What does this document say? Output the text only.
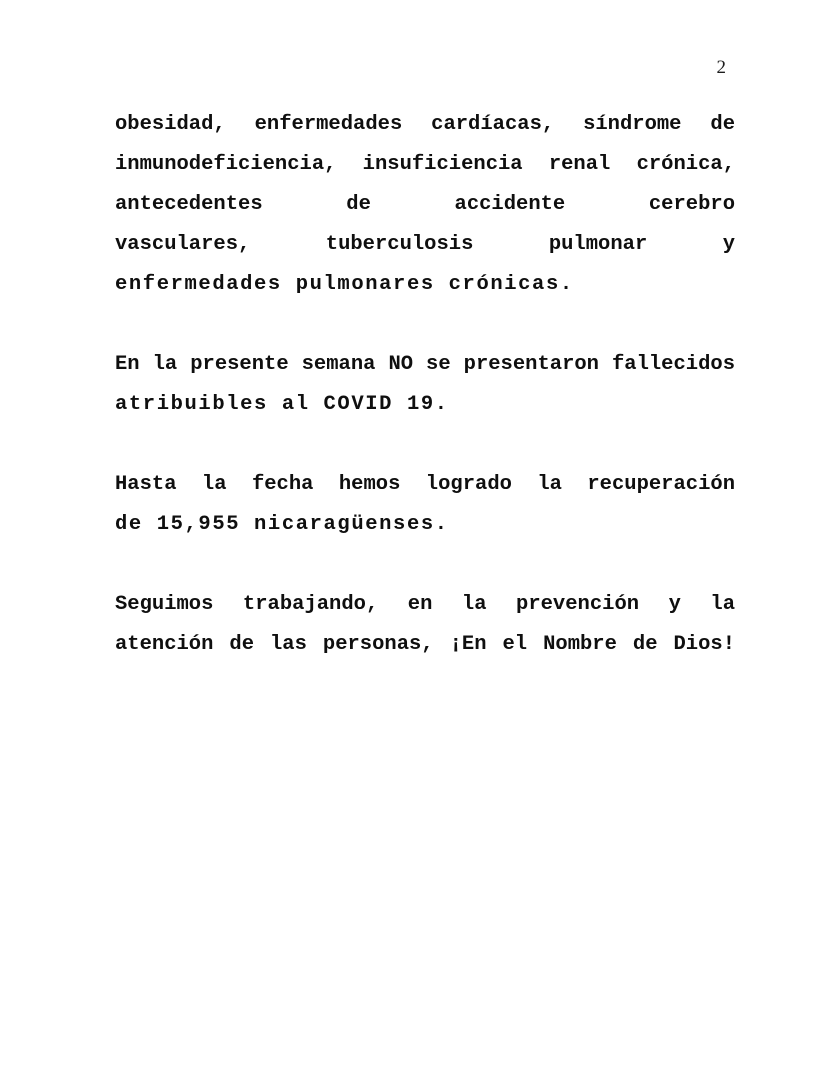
2
obesidad, enfermedades cardíacas, síndrome de
inmunodeficiencia, insuficiencia renal crónica,
antecedentes de accidente cerebro
vasculares, tuberculosis pulmonar y
enfermedades pulmonares crónicas.
En la presente semana NO se presentaron fallecidos
atribuibles al COVID 19.
Hasta la fecha hemos logrado la recuperación
de 15,955 nicaragüenses.
Seguimos trabajando, en la prevención y la
atención de las personas, ¡En el Nombre de Dios!
